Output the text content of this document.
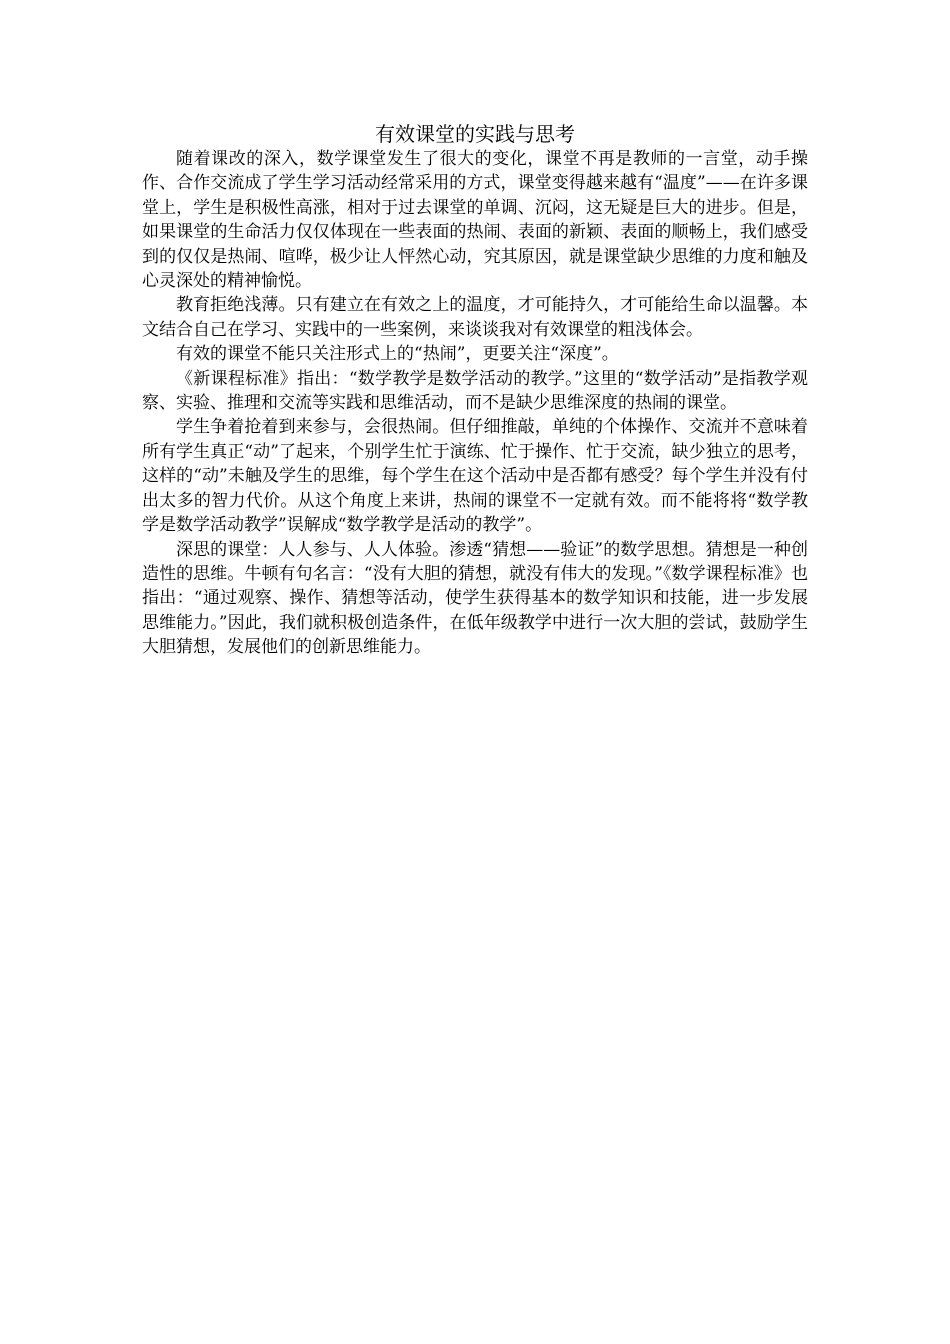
有效课堂的实践与思考

随着课改的深入，数学课堂发生了很大的变化，课堂不再是教师的一言堂，动手操作、合作交流成了学生学习活动经常采用的方式，课堂变得越来越有“温度”——在许多课堂上，学生是积极性高涨，相对于过去课堂的单调、沉闷，这无疑是巨大的进步。但是，如果课堂的生命活力仅仅体现在一些表面的热闹、表面的新颖、表面的顺畅上，我们感受到的仅仅是热闹、喧哗，极少让人怦然心动，究其原因，就是课堂缺少思维的力度和触及心灵深处的精神愉悦。

教育拒绝浅薄。只有建立在有效之上的温度，才可能持久，才可能给生命以温馨。本文结合自己在学习、实践中的一些案例，来谈谈我对有效课堂的粗浅体会。

有效的课堂不能只关注形式上的“热闹”，更要关注“深度”。

《新课程标准》指出：“数学教学是数学活动的教学。”这里的“数学活动”是指教学观察、实验、推理和交流等实践和思维活动，而不是缺少思维深度的热闹的课堂。

学生争着抢着到来参与，会很热闹。但仔细推敲，单纯的个体操作、交流并不意味着所有学生真正“动”了起来，个别学生忙于演练、忙于操作、忙于交流，缺少独立的思考，这样的“动”未触及学生的思维，每个学生在这个活动中是否都有感受？每个学生并没有付出太多的智力代价。从这个角度上来讲，热闹的课堂不一定就有效。而不能将将“数学教学是数学活动教学”误解成“数学教学是活动的教学”。

深思的课堂：人人参与、人人体验。渗透“猜想——验证”的数学思想。猜想是一种创造性的思维。牛顿有句名言：“没有大胆的猜想，就没有伟大的发现。”《数学课程标准》也指出：“通过观察、操作、猜想等活动，使学生获得基本的数学知识和技能，进一步发展思维能力。”因此，我们就积极创造条件，在低年级教学中进行一次大胆的尝试，鼓励学生大胆猜想，发展他们的创新思维能力。
